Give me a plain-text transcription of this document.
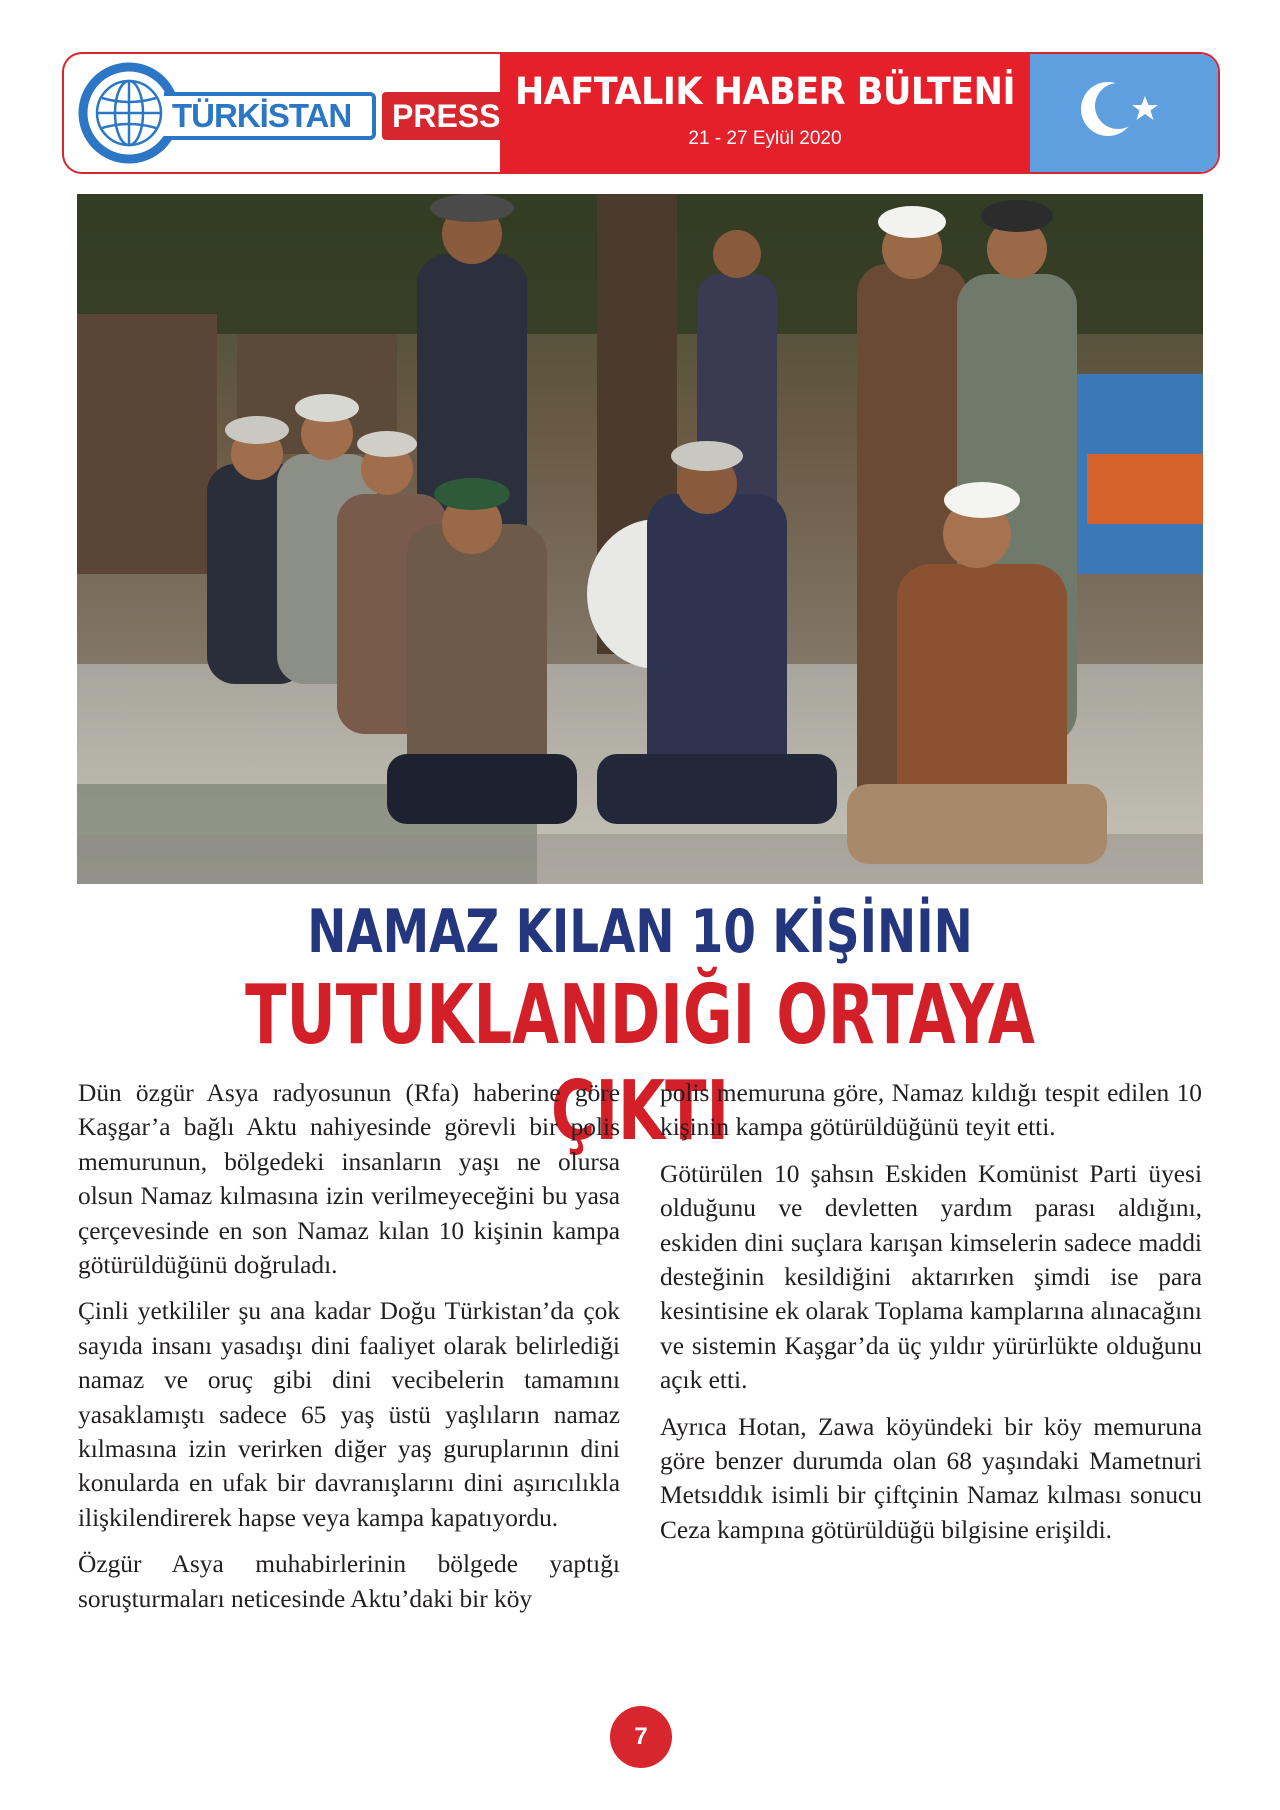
TÜRKİSTAN PRESS
HAFTALIK HABER BÜLTENİ
21 - 27 Eylül 2020
NAMAZ KILAN 10 KİŞİNİN
TUTUKLANDIĞI ORTAYA ÇIKTI

Dün özgür Asya radyosunun (Rfa) haberine göre Kaşgar’a bağlı Aktu nahiyesinde görevli bir polis memurunun, bölgedeki insanların yaşı ne olursa olsun Namaz kılmasına izin verilmeyeceğini bu yasa çerçevesinde en son Namaz kılan 10 kişinin kampa götürüldüğünü doğruladı.

Çinli yetkililer şu ana kadar Doğu Türkistan’da çok sayıda insanı yasadışı dini faaliyet olarak belirlediği namaz ve oruç gibi dini vecibelerin tamamını yasaklamıştı sadece 65 yaş üstü yaşlıların namaz kılmasına izin verirken diğer yaş guruplarının dini konularda en ufak bir davranışlarını dini aşırıcılıkla ilişkilendirerek hapse veya kampa kapatıyordu.

Özgür Asya muhabirlerinin bölgede yaptığı soruşturmaları neticesinde Aktu’daki bir köy

polis memuruna göre, Namaz kıldığı tespit edilen 10 kişinin kampa götürüldüğünü teyit etti.

Götürülen 10 şahsın Eskiden Komünist Parti üyesi olduğunu ve devletten yardım parası aldığını, eskiden dini suçlara karışan kimselerin sadece maddi desteğinin kesildiğini aktarırken şimdi ise para kesintisine ek olarak Toplama kamplarına alınacağını ve sistemin Kaşgar’da üç yıldır yürürlükte olduğunu açık etti.

Ayrıca Hotan, Zawa köyündeki bir köy memuruna göre benzer durumda olan 68 yaşındaki Mametnuri Metsıddık isimli bir çiftçinin Namaz kılması sonucu Ceza kampına götürüldüğü bilgisine erişildi.

7
